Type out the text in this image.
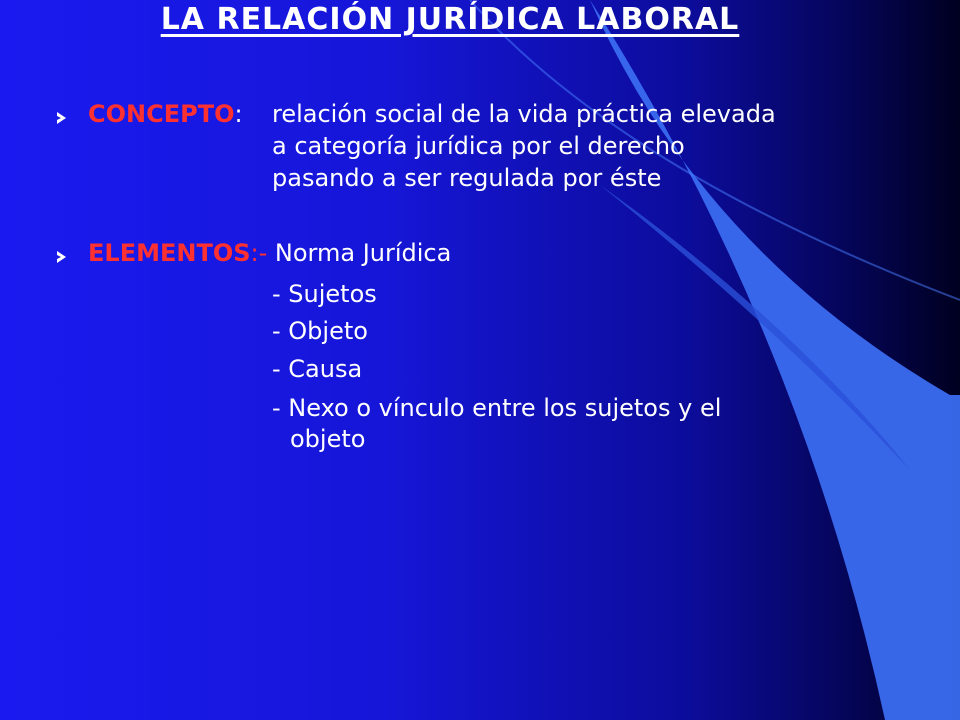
LA RELACIÓN JURÍDICA LABORAL
CONCEPTO: relación social de la vida práctica elevada
a categoría jurídica por el derecho
pasando a ser regulada por éste
ELEMENTOS:- Norma Jurídica
- Sujetos
- Objeto
- Causa
- Nexo o vínculo entre los sujetos y el
objeto
